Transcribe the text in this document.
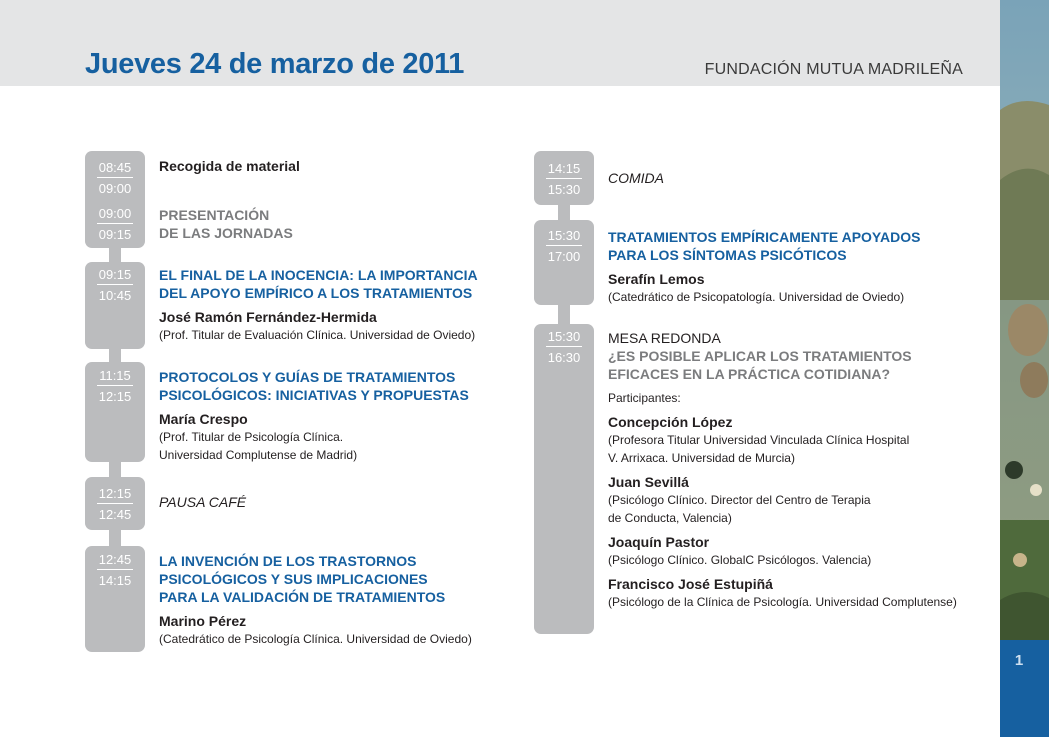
Jueves 24 de marzo de 2011	FUNDACIÓN MUTUA MADRILEÑA
1
08:45
09:00
09:00
09:15
09:15
10:45
11:15
12:15
12:15
12:45
12:45
14:15
Recogida de material
PRESENTACIÓN
DE LAS JORNADAS
EL FINAL DE LA INOCENCIA: LA IMPORTANCIA
DEL APOYO EMPÍRICO A LOS TRATAMIENTOS
José Ramón Fernández-Hermida
(Prof. Titular de Evaluación Clínica. Universidad de Oviedo)
PROTOCOLOS Y GUÍAS DE TRATAMIENTOS
PSICOLÓGICOS: INICIATIVAS Y PROPUESTAS
María Crespo
(Prof. Titular de Psicología Clínica.
Universidad Complutense de Madrid)
PAUSA CAFÉ
LA INVENCIÓN DE LOS TRASTORNOS
PSICOLÓGICOS Y SUS IMPLICACIONES
PARA LA VALIDACIÓN DE TRATAMIENTOS
Marino Pérez
(Catedrático de Psicología Clínica. Universidad de Oviedo)
14:15
15:30
15:30
17:00
15:30
16:30
COMIDA
TRATAMIENTOS EMPÍRICAMENTE APOYADOS
PARA LOS SÍNTOMAS PSICÓTICOS
Serafín Lemos
(Catedrático de Psicopatología. Universidad de Oviedo)
MESA REDONDA
¿ES POSIBLE APLICAR LOS TRATAMIENTOS
EFICACES EN LA PRÁCTICA COTIDIANA?
Participantes:
Concepción López
(Profesora Titular Universidad Vinculada Clínica Hospital
V. Arrixaca. Universidad de Murcia)
Juan Sevillá
(Psicólogo Clínico. Director del Centro de Terapia
de Conducta, Valencia)
Joaquín Pastor
(Psicólogo Clínico. GlobalC Psicólogos. Valencia)
Francisco José Estupiñá
(Psicólogo de la Clínica de Psicología. Universidad Complutense)
